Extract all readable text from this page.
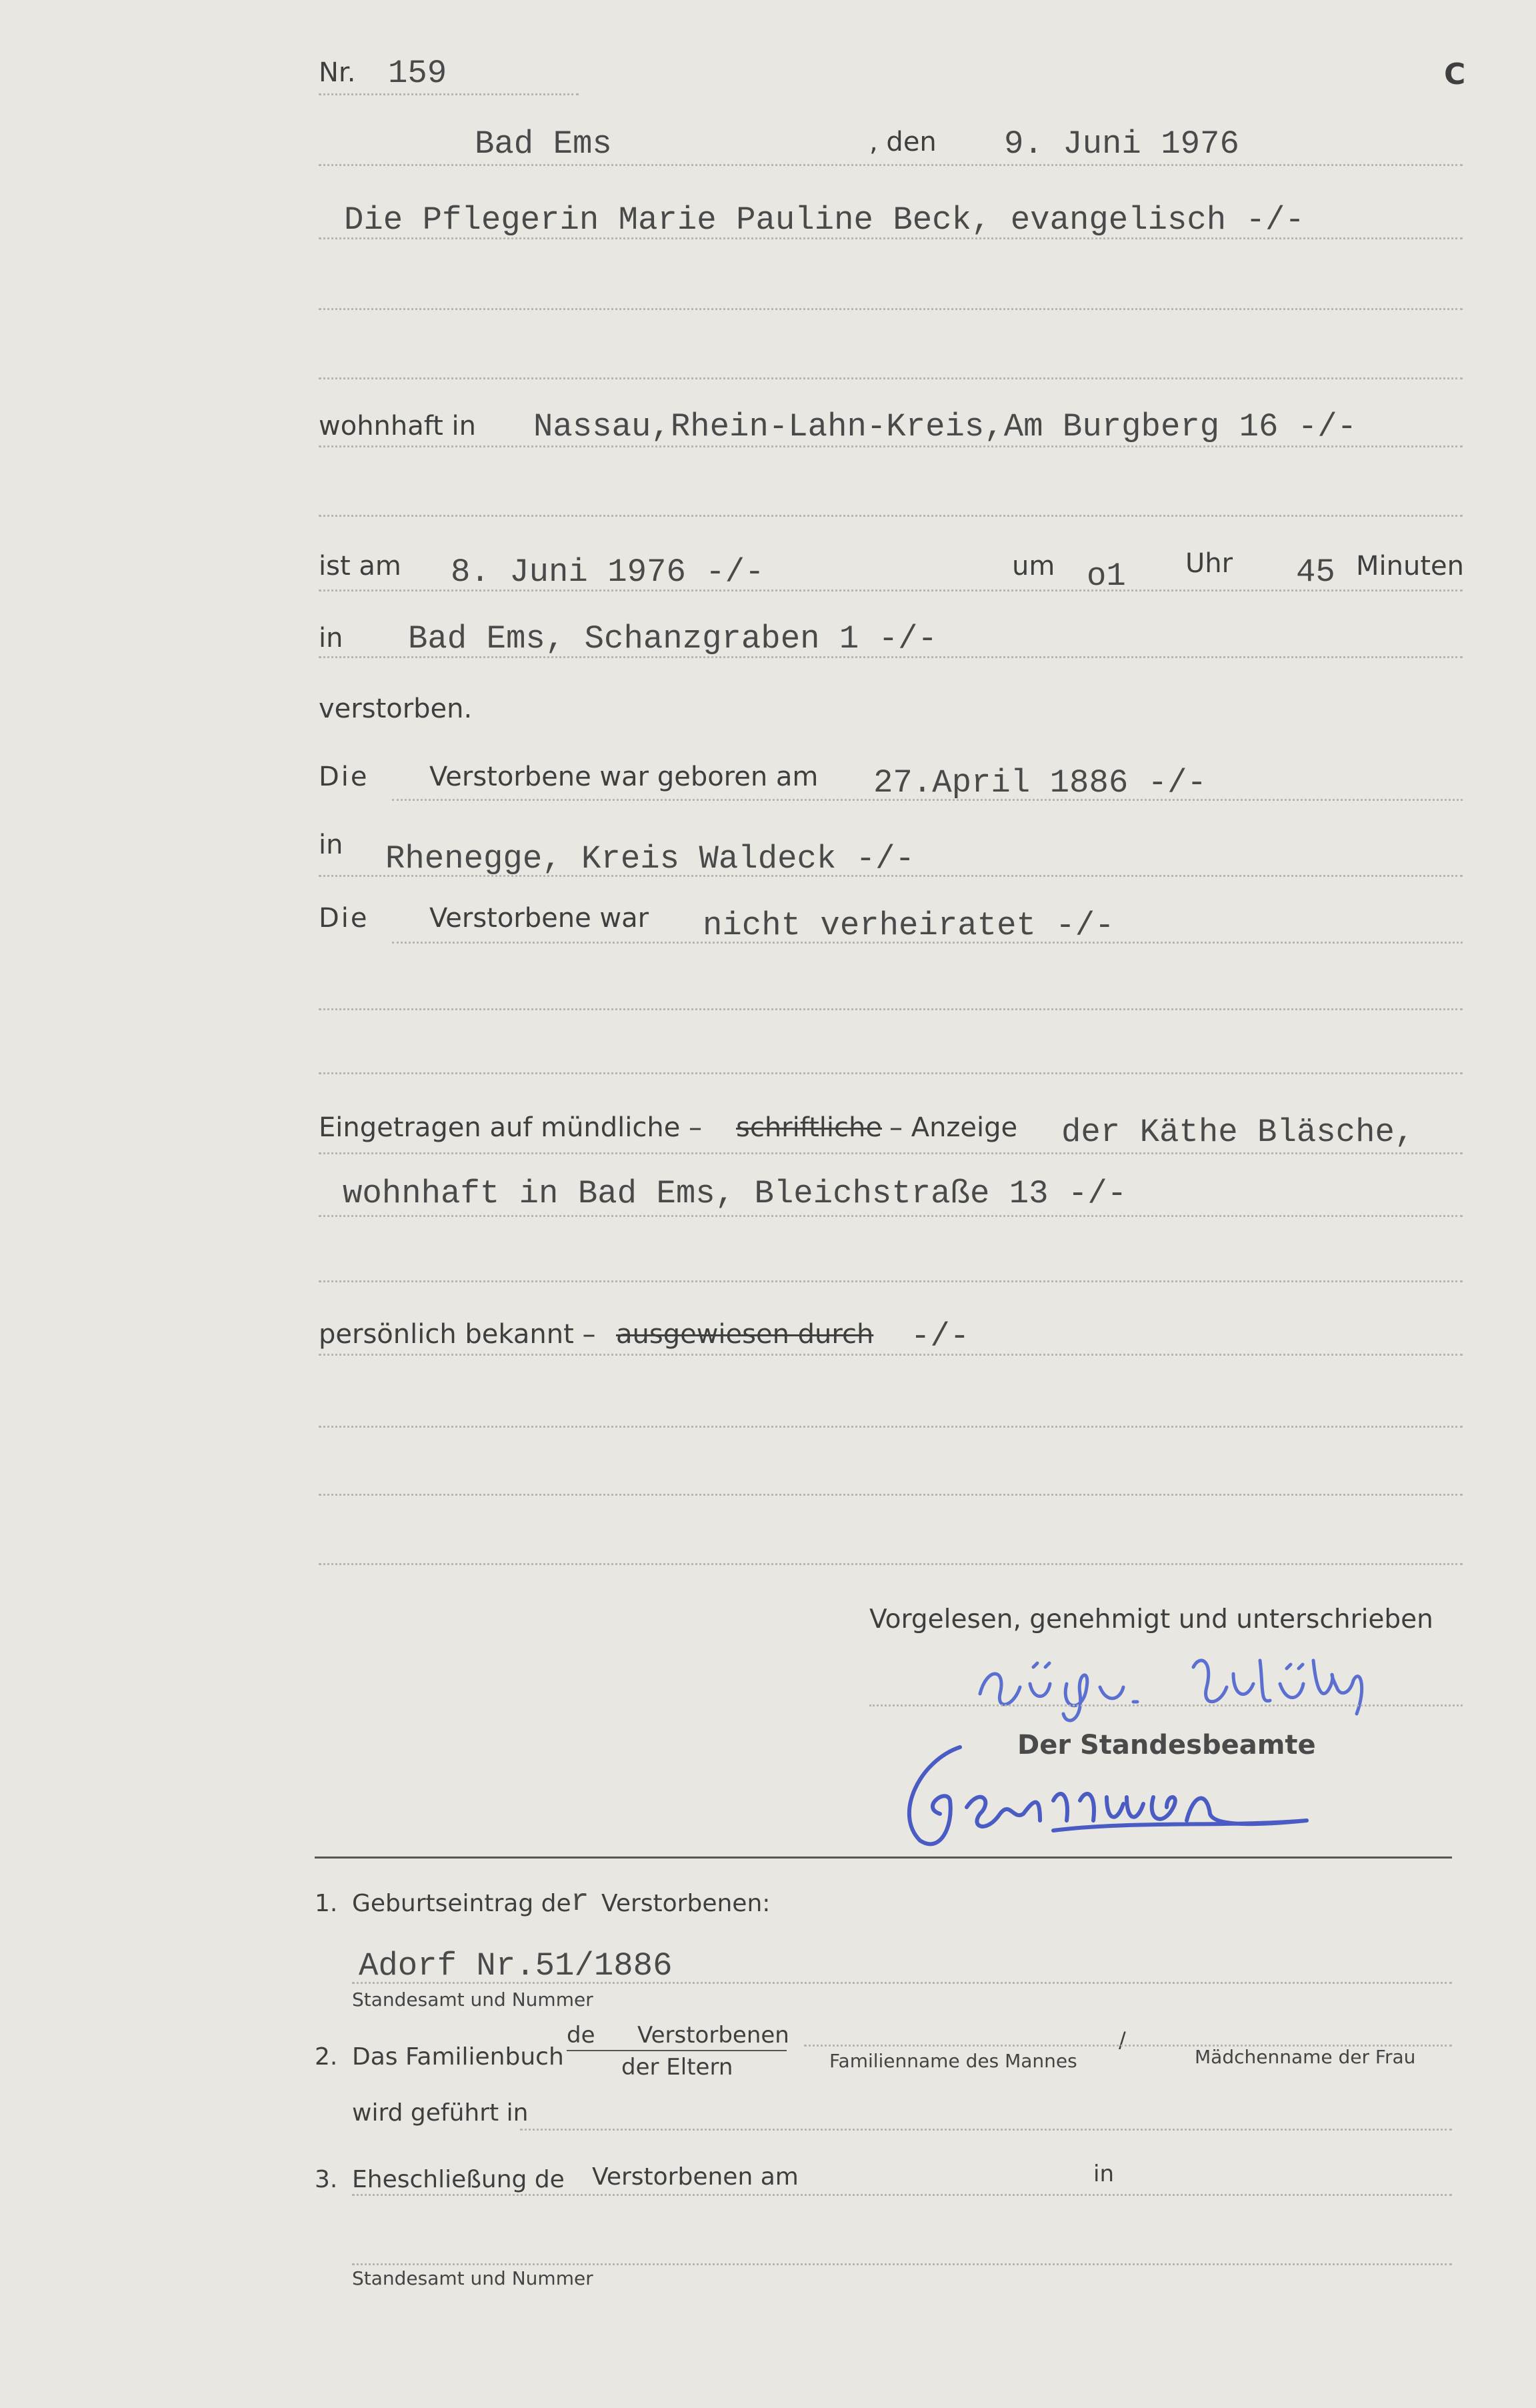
Nr. 159	C
Bad Ems	, den 9. Juni 1976
Die Pflegerin Marie Pauline Beck, evangelisch -/-
wohnhaft in Nassau,Rhein-Lahn-Kreis,Am Burgberg 16 -/-
ist am 8. Juni 1976 -/-	um o1 Uhr 45 Minuten
in Bad Ems, Schanzgraben 1 -/-
verstorben.
Die Verstorbene war geboren am 27.April 1886 -/-
in Rhenegge, Kreis Waldeck -/-
Die Verstorbene war nicht verheiratet -/-
Eingetragen auf mündliche – schriftliche – Anzeige der Käthe Bläsche,
wohnhaft in Bad Ems, Bleichstraße 13 -/-
persönlich bekannt – ausgewiesen durch -/-
Vorgelesen, genehmigt und unterschrieben
Der Standesbeamte
1. Geburtseintrag de r Verstorbenen:
Adorf Nr.51/1886
Standesamt und Nummer
2. Das Familienbuch
de Verstorbenen
der Eltern	Familienname des Mannes
/
Mädchenname der Frau
wird geführt in
3. Eheschließung de Verstorbenen am	in
Standesamt und Nummer
